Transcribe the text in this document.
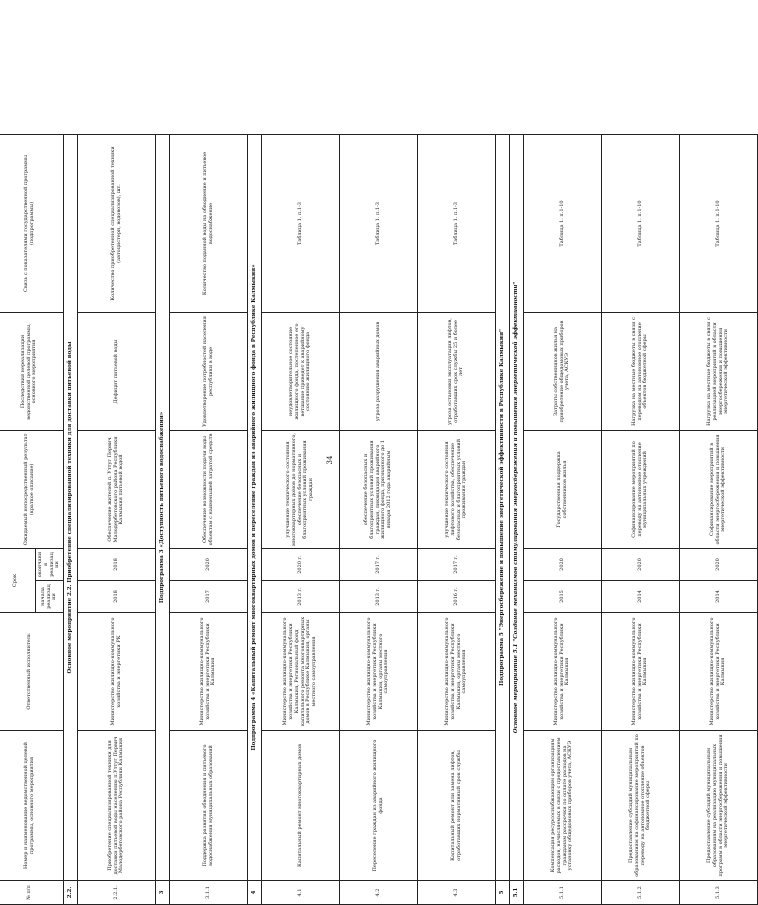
34
№ п/п	Номер и наименование ведомственной целевой программы, основного мероприятия	Ответственный исполнитель	Срок		Ожидаемый непосредственный результат (краткое описание)	Последствия нереализации ведомственной целевой программы, основного мероприятия	Связь с показателями государственной программы (подпрограммы)
			начала реализации	окончания реализации			
2.2.	Основное мероприятие 2.2. Приобретение специализированной техники для доставки питьевой воды						
2.2.1.	Приобретение специализированной техники для доставки питьевой воды населению п.Уттуг Первич Малодербетовского района Республики Калмыкия	Министерство жилищно-коммунального хозяйства и энергетики РК	2018	2018	Обеспечение жителей п. Уттуг Первич Малодербетовского района Республики Калмыкия питьевой водой	Дефицит питьевой воды	Количество приобретенной специализированной техники (автоцистерн, водовозов), шт.
3	Подпрограмма 3 «Доступность питьевого водоснабжения»						
3.1.1	Поддержка развития обводнения и питьевого водоснабжения муниципальных образований	Министерство жилищно-коммунального хозяйства и энергетики Республики Калмыкия	2017	2020	Обеспечение возможности подачи воды объектам с наименьшей затратой средств	Удовлетворение потребностей населения республики в воде	Количество поданной воды на обводнение и питьевое водоснабжение
4	Подпрограмма 4 «Капитальный ремонт многоквартирных домов и переселение граждан из аварийного жилищного фонда в Республике Калмыкия»						
4.1	Капитальный ремонт многоквартирных домов	Министерство жилищно-коммунального хозяйства и энергетики Республики Калмыкия, Региональный фонд капитального ремонта многоквартирных домов в Республике Калмыкия, органы местного самоуправления	2013 г.	2020 г.	улучшение технического состояния многоквартирных домов до нормативного, обеспечение безопасных и благоприятных условий проживания граждан	неудовлетворительное состояние жилищного фонда, постепенное его ветшание приведет к аварийному состоянию жилищного фонда	Таблица 1. п.1-3
4.2	Переселение граждан из аварийного жилищного фонда	Министерство жилищно-коммунального хозяйства и энергетики Республики Калмыкия, органы местного самоуправления	2013 г.	2017 г.	обеспечение безопасных и благоприятных условий проживания граждан, ликвидация аварийного жилищного фонда, признанного до 1 января 2012 года аварийным	угроза разрушения аварийных домов	Таблица 1. п.1-3
4.3	Капитальный ремонт или замена лифтов, отработавших нормативный срок службы	Министерство жилищно-коммунального хозяйства и энергетики Республики Калмыкия, органы местного самоуправления	2016 г.	2017 г.	улучшение технического состояния лифтового хозяйства, обеспечение безопасных и благоприятных условий проживания граждан	угроза остановки эксплуатации лифтов, отработавших срок службы 25 и более лет	Таблица 1. п.1-3
5	Подпрограмма 5 "Энергосбережение и повышение энергетической эффективности в Республике Калмыкия"						
5.1	Основное мероприятие 5.1 "Создание механизмов стимулирования энергосбережения и повышения энергетической эффективности"						
5.1.1	Компенсация ресурсоснабжающим организациям расходов, начисляемых в связи с предоставлением гражданам рассрочки по оплате расходов на установку общедомовых приборов учета, АСКУЭ	Министерство жилищно-коммунального хозяйства и энергетики Республики Калмыкия	2015	2020	Государственная поддержка собственников жилья	Затраты собственников жилья на приобретение общедомовых приборов учета, АСКУЭ	Таблица 1. п.1-10
5.1.2	Предоставление субсидий муниципальным образованиям на софинансирование мероприятий по переводу на автономное отопление объектов бюджетной сферы	Министерство жилищно-коммунального хозяйства и энергетики Республики Калмыкия	2014	2020	Софинансирование мероприятий по переводу на автономное отопление муниципальных учреждений	Нагрузка на местные бюджеты в связи с переводом на автономное отопление объектов бюджетной сферы	Таблица 1. п.1-10
5.1.3	Предоставление субсидий муниципальным образованиям на реализацию муниципальных программ в области энергосбережения и повышения энергетической эффективности	Министерство жилищно-коммунального хозяйства и энергетики Республики Калмыкия	2014	2020	Софинансирование мероприятий в области энергосбережения и повышения энергетической эффективности	Нагрузка на местные бюджеты в связи с реализацией мероприятий в области энергосбережения и повышения энергетической эффективности	Таблица 1. п.1-10
